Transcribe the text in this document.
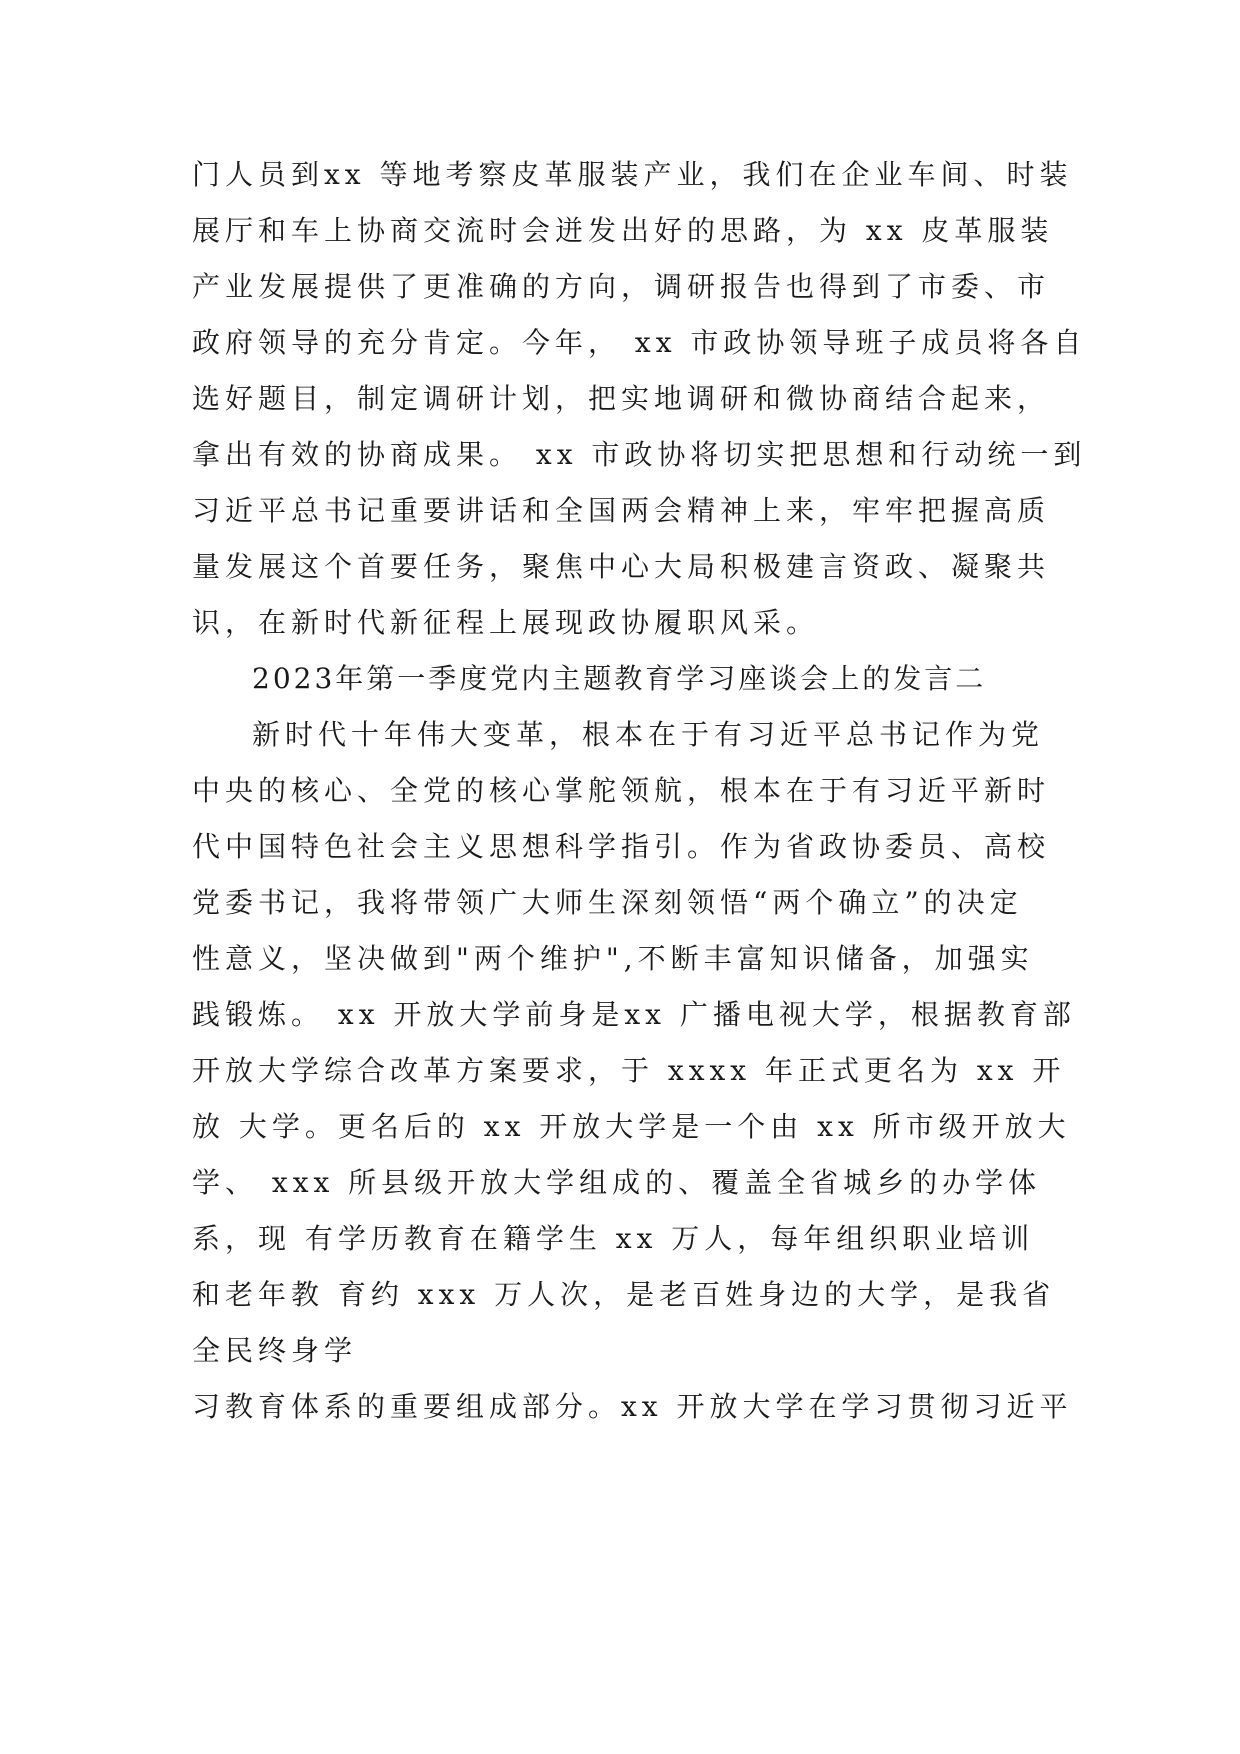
门人员到xx 等地考察皮革服装产业，我们在企业车间、时装
展厅和车上协商交流时会迸发出好的思路，为 xx 皮革服装
产业发展提供了更准确的方向，调研报告也得到了市委、市
政府领导的充分肯定。今年， xx 市政协领导班子成员将各自
选好题目，制定调研计划，把实地调研和微协商结合起来，
拿出有效的协商成果。 xx 市政协将切实把思想和行动统一到
习近平总书记重要讲话和全国两会精神上来，牢牢把握高质
量发展这个首要任务，聚焦中心大局积极建言资政、凝聚共
识，在新时代新征程上展现政协履职风采。
2023年第一季度党内主题教育学习座谈会上的发言二
新时代十年伟大变革，根本在于有习近平总书记作为党
中央的核心、全党的核心掌舵领航，根本在于有习近平新时
代中国特色社会主义思想科学指引。作为省政协委员、高校
党委书记，我将带领广大师生深刻领悟“两个确立”的决定
性意义，坚决做到"两个维护",不断丰富知识储备，加强实
践锻炼。 xx 开放大学前身是xx 广播电视大学，根据教育部
开放大学综合改革方案要求，于 xxxx 年正式更名为 xx 开
放 大学。更名后的 xx 开放大学是一个由 xx 所市级开放大
学、 xxx 所县级开放大学组成的、覆盖全省城乡的办学体
系，现 有学历教育在籍学生 xx 万人，每年组织职业培训
和老年教 育约 xxx 万人次，是老百姓身边的大学，是我省
全民终身学
习教育体系的重要组成部分。xx 开放大学在学习贯彻习近平
